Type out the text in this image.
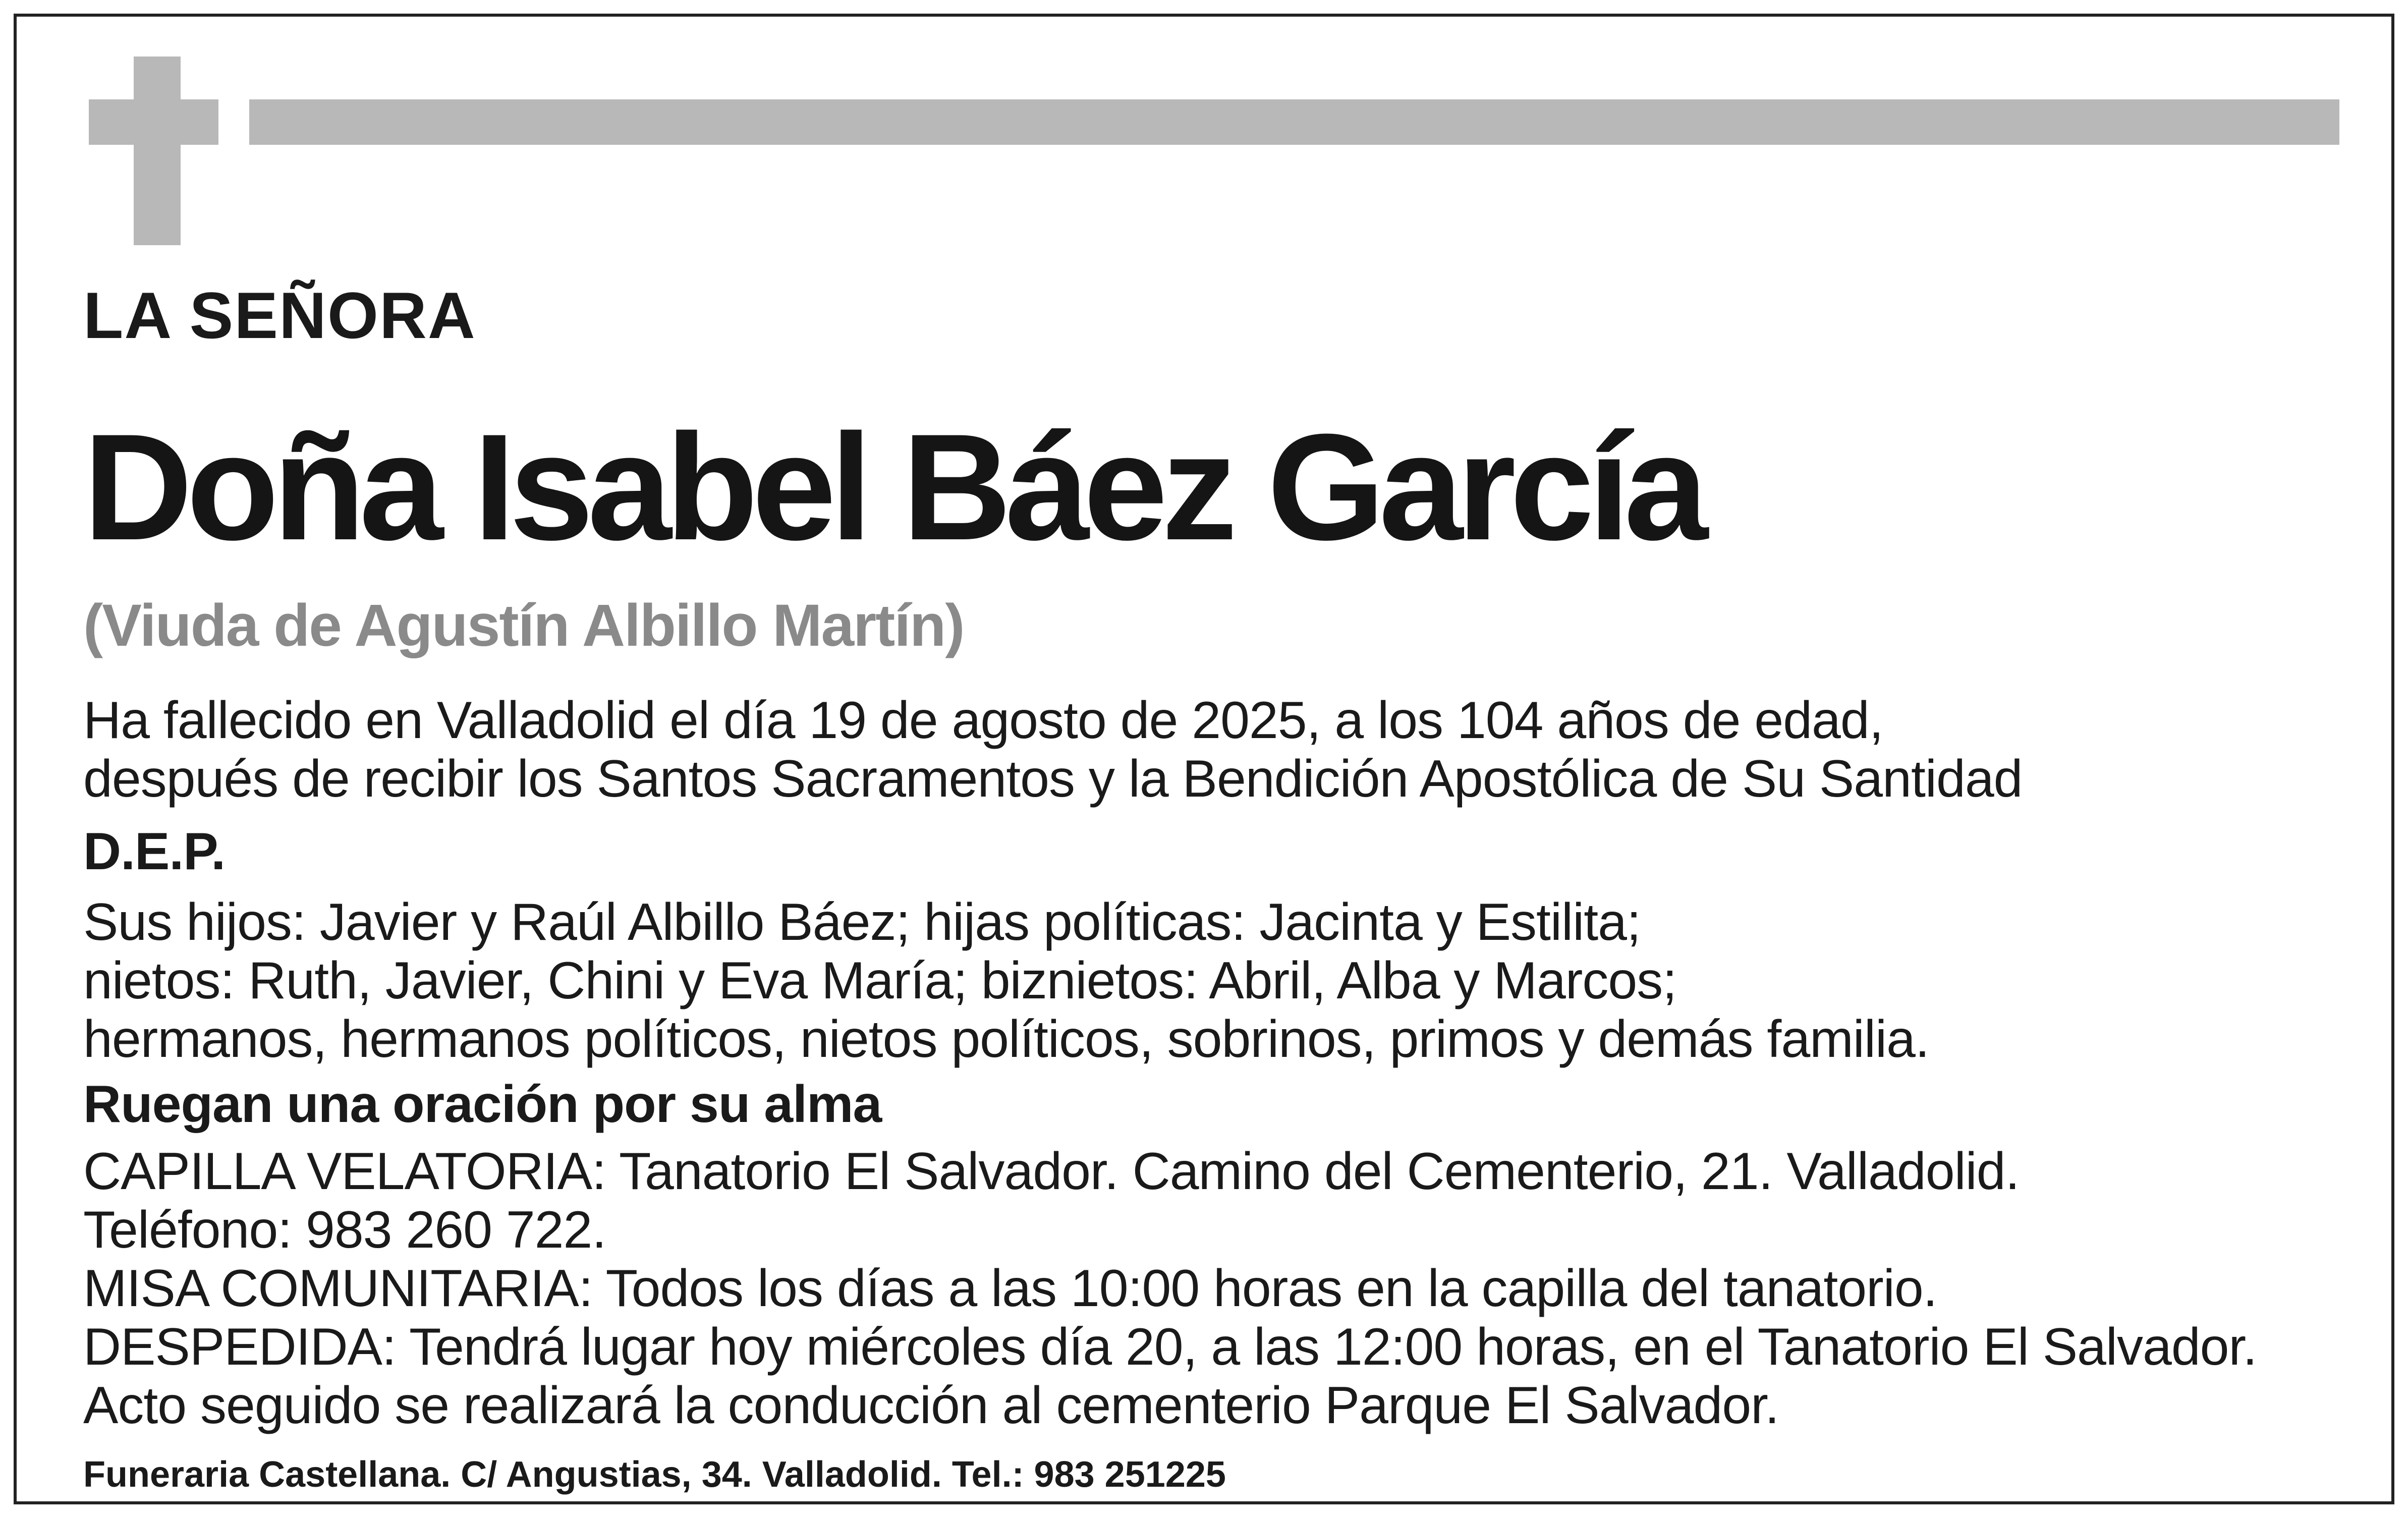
LA SEÑORA
Doña Isabel Báez García
(Viuda de Agustín Albillo Martín)
Ha fallecido en Valladolid el día 19 de agosto de 2025, a los 104 años de edad,
después de recibir los Santos Sacramentos y la Bendición Apostólica de Su Santidad
D.E.P.
Sus hijos: Javier y Raúl Albillo Báez; hijas políticas: Jacinta y Estilita;
nietos: Ruth, Javier, Chini y Eva María; biznietos: Abril, Alba y Marcos;
hermanos, hermanos políticos, nietos políticos, sobrinos, primos y demás familia.
Ruegan una oración por su alma
CAPILLA VELATORIA: Tanatorio El Salvador. Camino del Cementerio, 21. Valladolid.
Teléfono: 983 260 722.
MISA COMUNITARIA: Todos los días a las 10:00 horas en la capilla del tanatorio.
DESPEDIDA: Tendrá lugar hoy miércoles día 20, a las 12:00 horas, en el Tanatorio El Salvador.
Acto seguido se realizará la conducción al cementerio Parque El Salvador.
Funeraria Castellana. C/ Angustias, 34. Valladolid. Tel.: 983 251225
